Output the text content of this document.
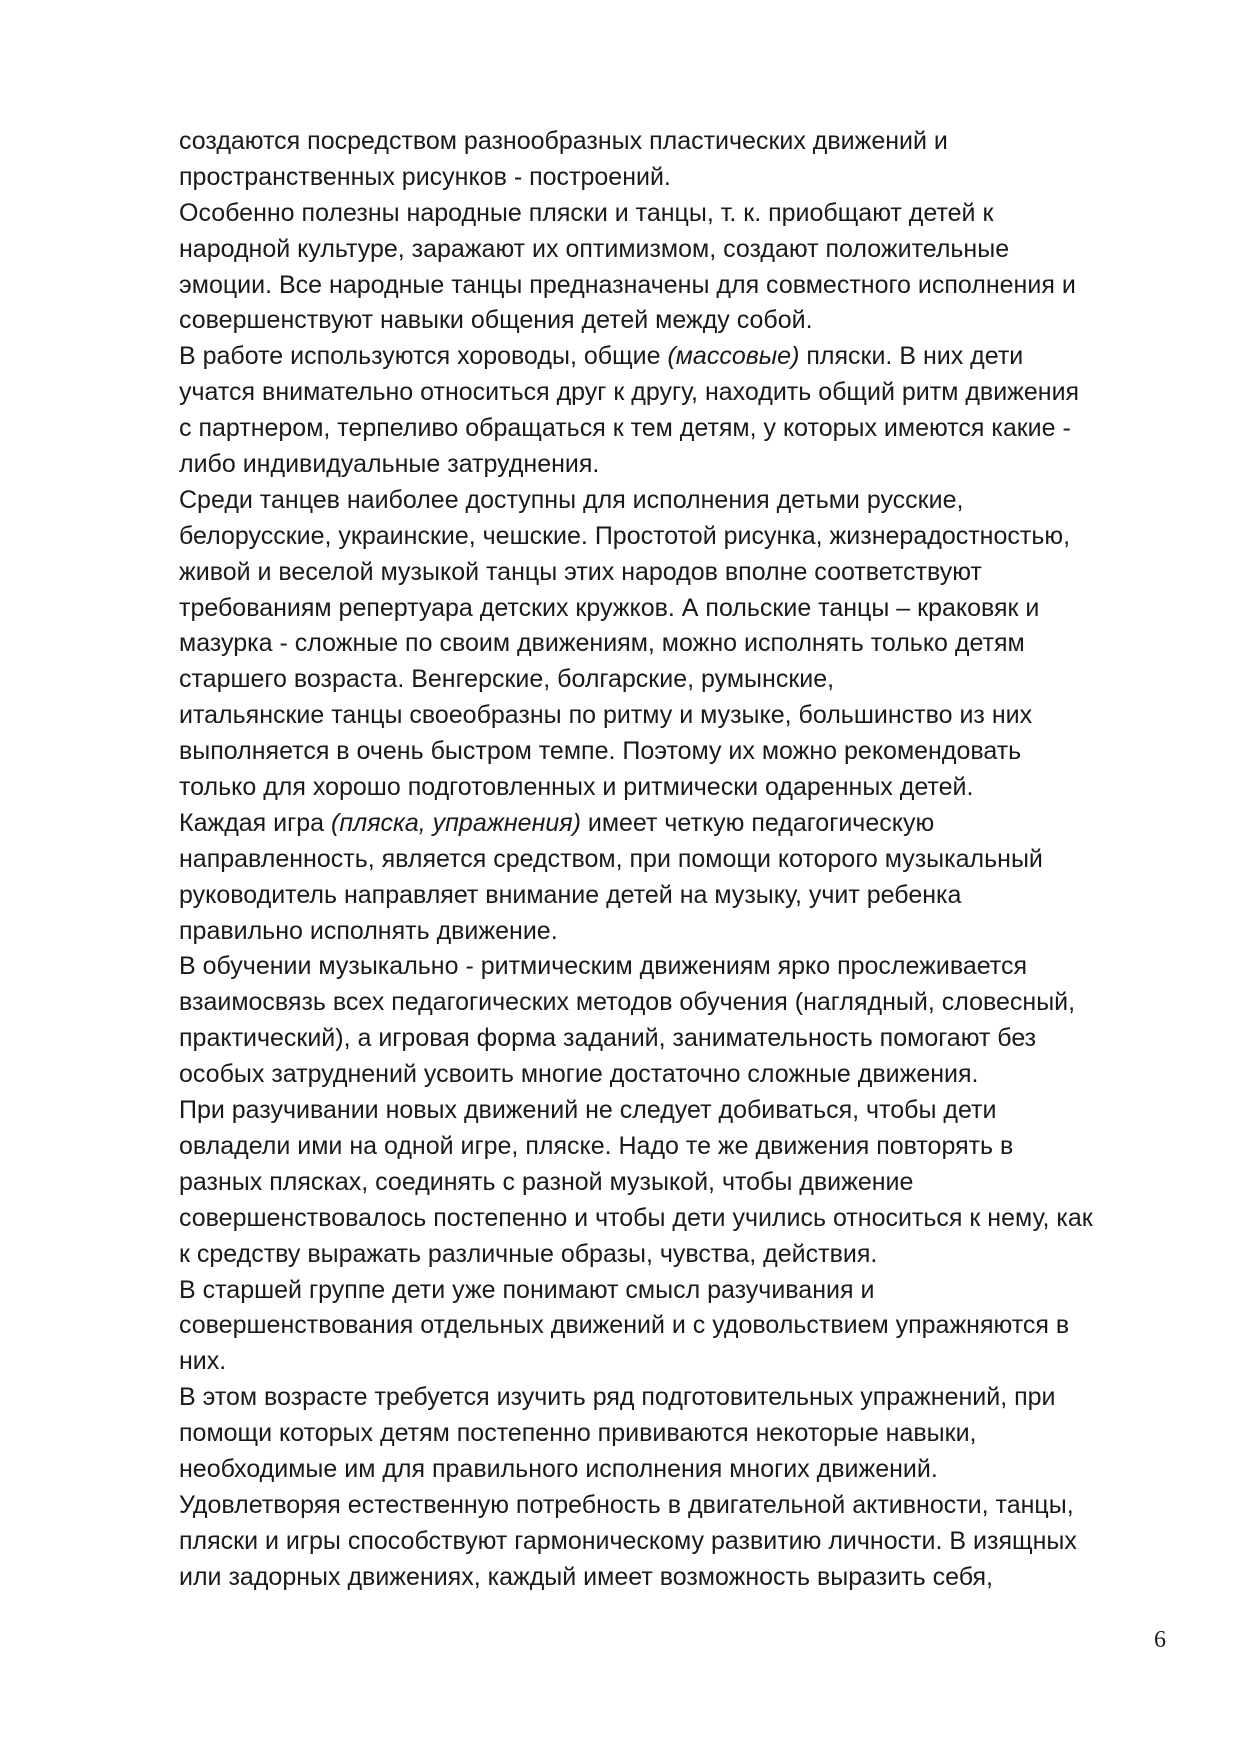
создаются посредством разнообразных пластических движений и
пространственных рисунков - построений.
Особенно полезны народные пляски и танцы, т. к. приобщают детей к
народной культуре, заражают их оптимизмом, создают положительные
эмоции. Все народные танцы предназначены для совместного исполнения и
совершенствуют навыки общения детей между собой.
В работе используются хороводы, общие (массовые) пляски. В них дети
учатся внимательно относиться друг к другу, находить общий ритм движения
с партнером, терпеливо обращаться к тем детям, у которых имеются какие -
либо индивидуальные затруднения.
Среди танцев наиболее доступны для исполнения детьми русские,
белорусские, украинские, чешские. Простотой рисунка, жизнерадостностью,
живой и веселой музыкой танцы этих народов вполне соответствуют
требованиям репертуара детских кружков. А польские танцы – краковяк и
мазурка - сложные по своим движениям, можно исполнять только детям
старшего возраста. Венгерские, болгарские, румынские,
итальянские танцы своеобразны по ритму и музыке, большинство из них
выполняется в очень быстром темпе. Поэтому их можно рекомендовать
только для хорошо подготовленных и ритмически одаренных детей.
Каждая игра (пляска, упражнения) имеет четкую педагогическую
направленность, является средством, при помощи которого музыкальный
руководитель направляет внимание детей на музыку, учит ребенка
правильно исполнять движение.
В обучении музыкально - ритмическим движениям ярко прослеживается
взаимосвязь всех педагогических методов обучения (наглядный, словесный,
практический), а игровая форма заданий, занимательность помогают без
особых затруднений усвоить многие достаточно сложные движения.
При разучивании новых движений не следует добиваться, чтобы дети
овладели ими на одной игре, пляске. Надо те же движения повторять в
разных плясках, соединять с разной музыкой, чтобы движение
совершенствовалось постепенно и чтобы дети учились относиться к нему, как
к средству выражать различные образы, чувства, действия.
В старшей группе дети уже понимают смысл разучивания и
совершенствования отдельных движений и с удовольствием упражняются в
них.
В этом возрасте требуется изучить ряд подготовительных упражнений, при
помощи которых детям постепенно прививаются некоторые навыки,
необходимые им для правильного исполнения многих движений.
Удовлетворяя естественную потребность в двигательной активности, танцы,
пляски и игры способствуют гармоническому развитию личности. В изящных
или задорных движениях, каждый имеет возможность выразить себя,
6
